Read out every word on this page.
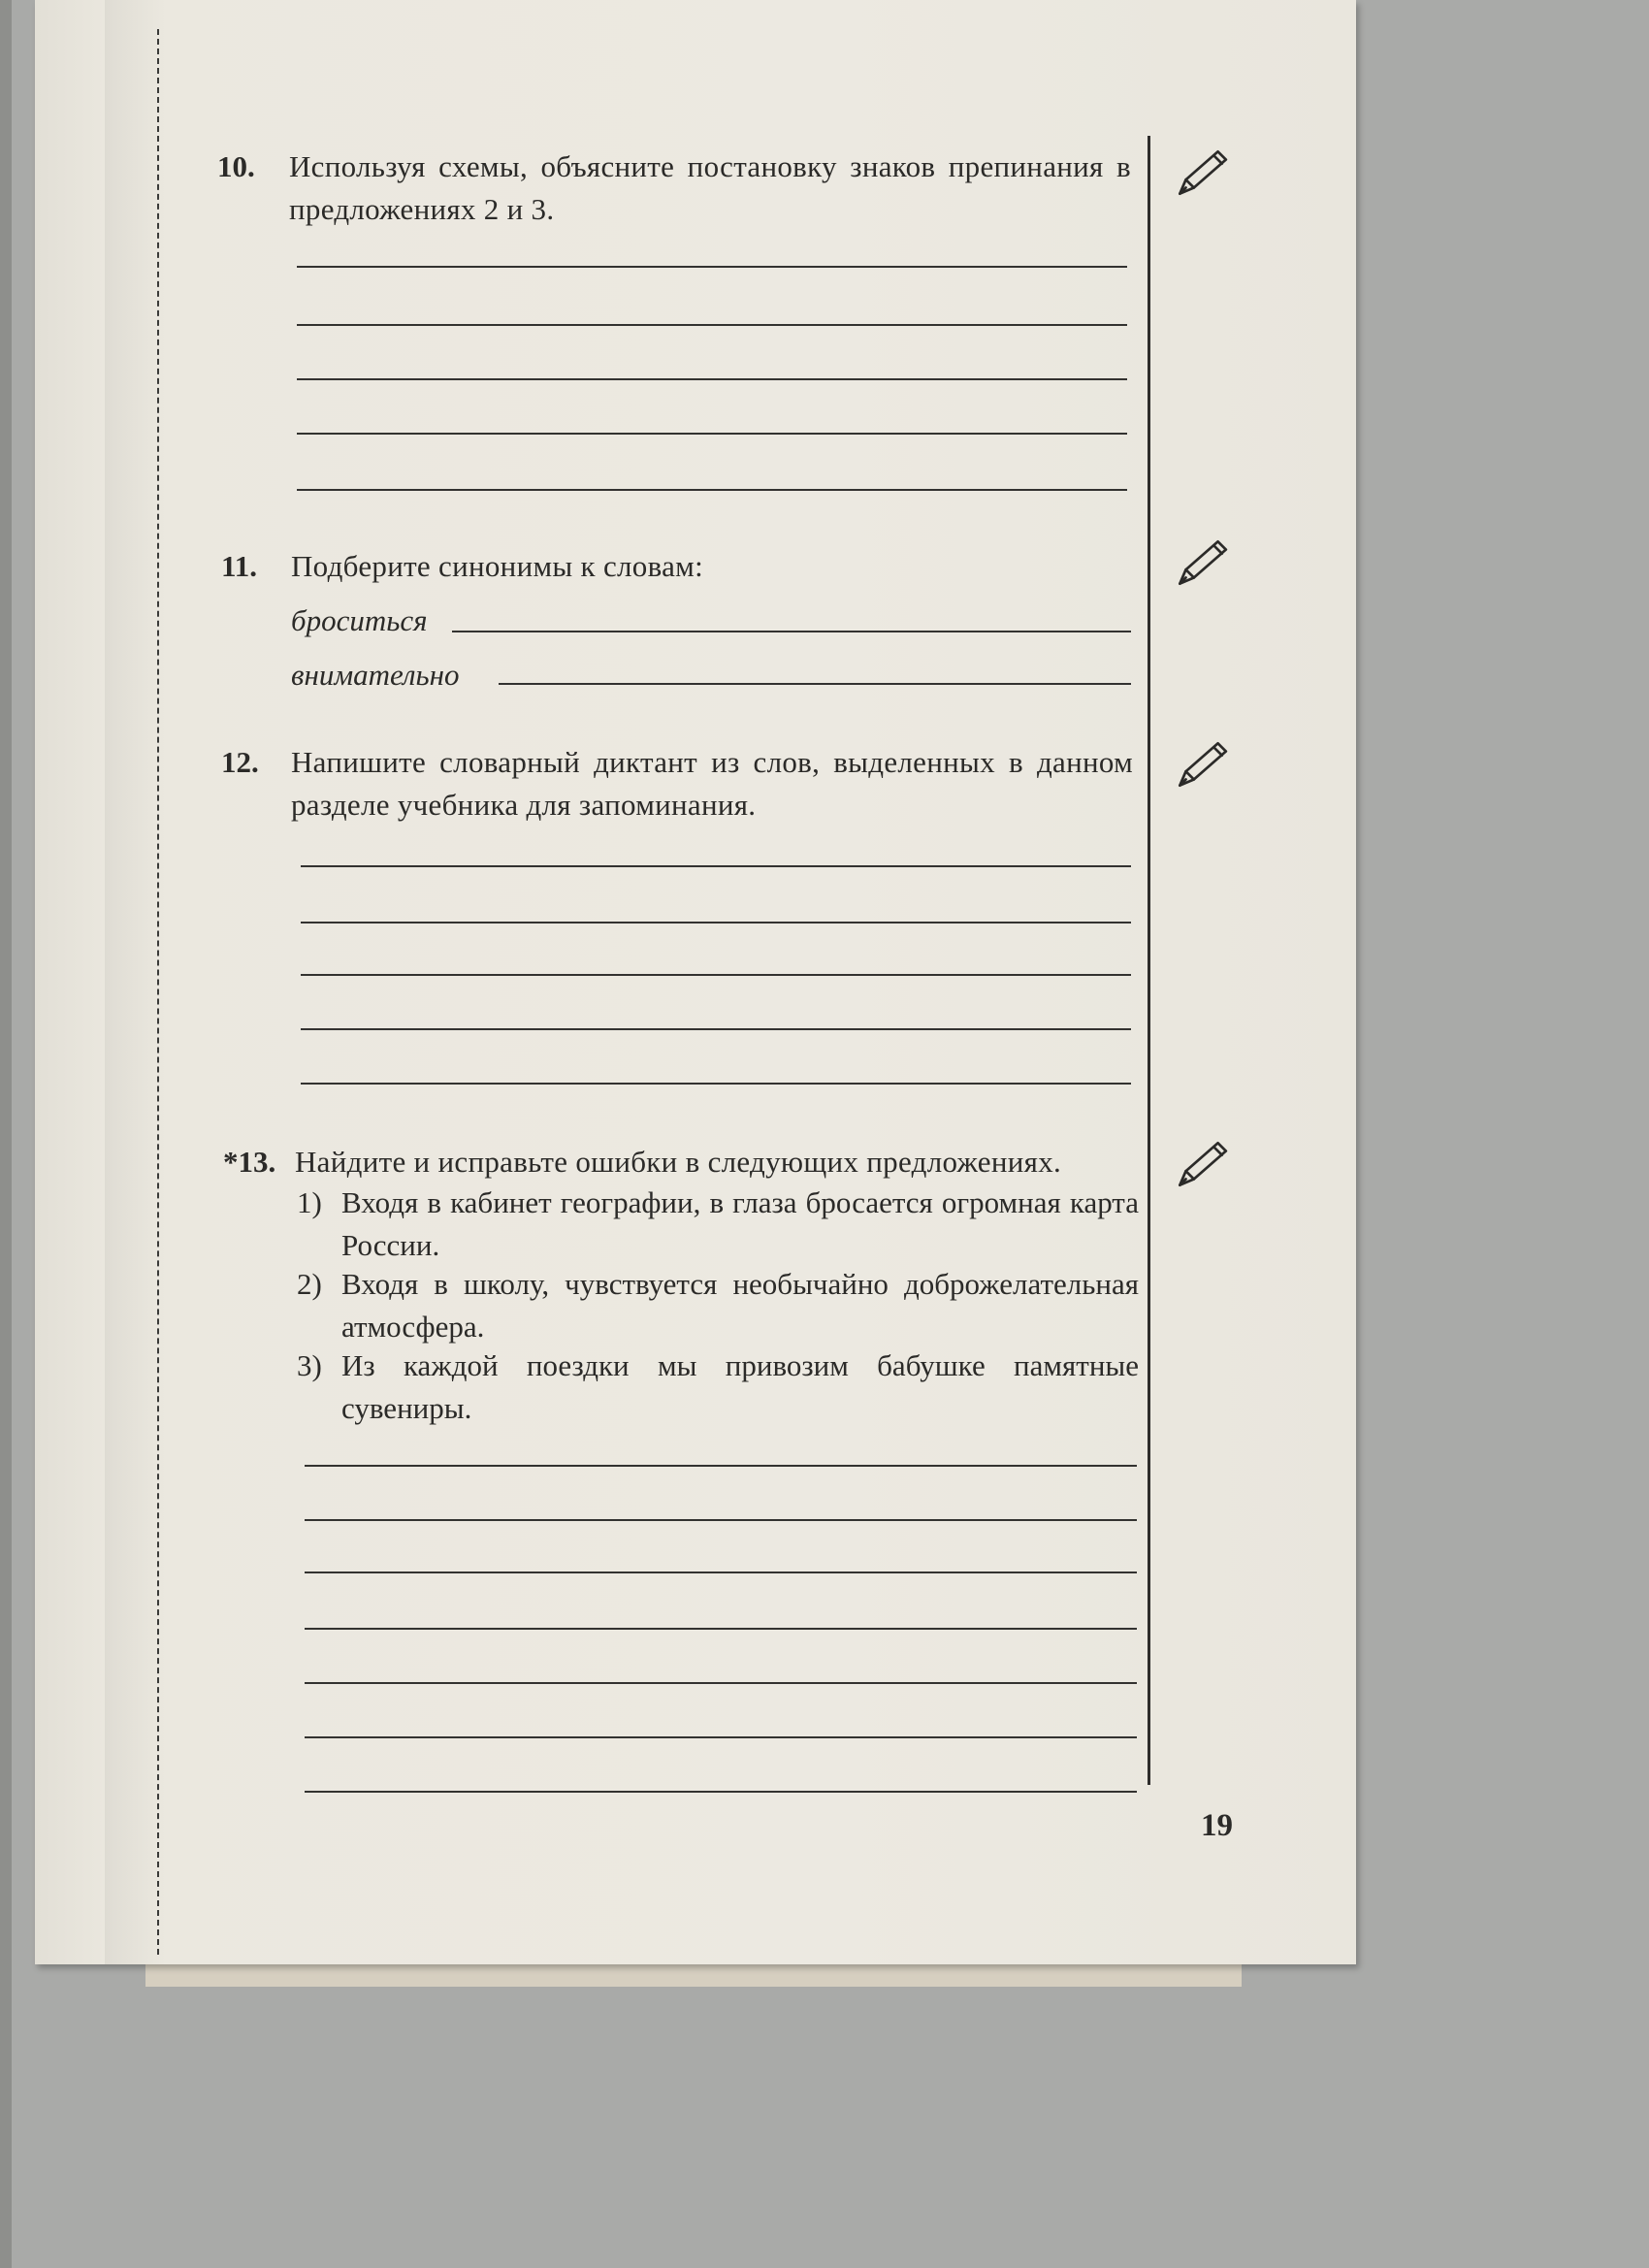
10. Используя схемы, объясните постановку знаков препинания в предложениях 2 и 3.
11. Подберите синонимы к словам:
броситься
внимательно
12. Напишите словарный диктант из слов, выделенных в данном разделе учебника для запоминания.
*13. Найдите и исправьте ошибки в следующих предложениях.
1) Входя в кабинет географии, в глаза бросается огромная карта России.
2) Входя в школу, чувствуется необычайно доброжелательная атмосфера.
3) Из каждой поездки мы привозим бабушке памятные сувениры.
19
